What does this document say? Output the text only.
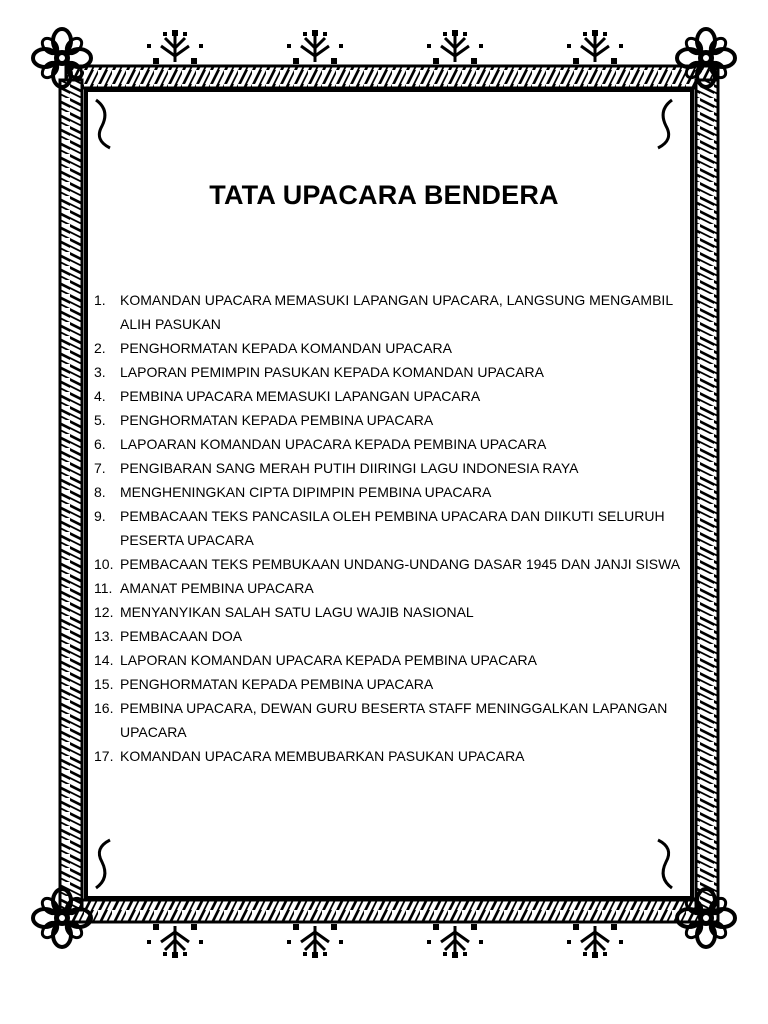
TATA UPACARA BENDERA
1.	KOMANDAN UPACARA MEMASUKI LAPANGAN UPACARA, LANGSUNG MENGAMBIL ALIH PASUKAN
2.	PENGHORMATAN KEPADA KOMANDAN UPACARA
3.	LAPORAN PEMIMPIN PASUKAN KEPADA KOMANDAN UPACARA
4.	PEMBINA UPACARA MEMASUKI LAPANGAN UPACARA
5.	PENGHORMATAN KEPADA PEMBINA UPACARA
6.	LAPOARAN KOMANDAN UPACARA KEPADA PEMBINA UPACARA
7.	PENGIBARAN SANG MERAH PUTIH DIIRINGI LAGU INDONESIA RAYA
8.	MENGHENINGKAN CIPTA DIPIMPIN PEMBINA UPACARA
9.	PEMBACAAN TEKS PANCASILA OLEH PEMBINA UPACARA DAN DIIKUTI SELURUH PESERTA UPACARA
10. PEMBACAAN TEKS PEMBUKAAN UNDANG-UNDANG DASAR 1945 DAN JANJI SISWA
11. AMANAT PEMBINA UPACARA
12. MENYANYIKAN SALAH SATU LAGU WAJIB NASIONAL
13. PEMBACAAN DOA
14. LAPORAN KOMANDAN UPACARA KEPADA PEMBINA UPACARA
15. PENGHORMATAN KEPADA PEMBINA UPACARA
16. PEMBINA UPACARA, DEWAN GURU BESERTA STAFF MENINGGALKAN LAPANGAN UPACARA
17. KOMANDAN UPACARA MEMBUBARKAN PASUKAN UPACARA
